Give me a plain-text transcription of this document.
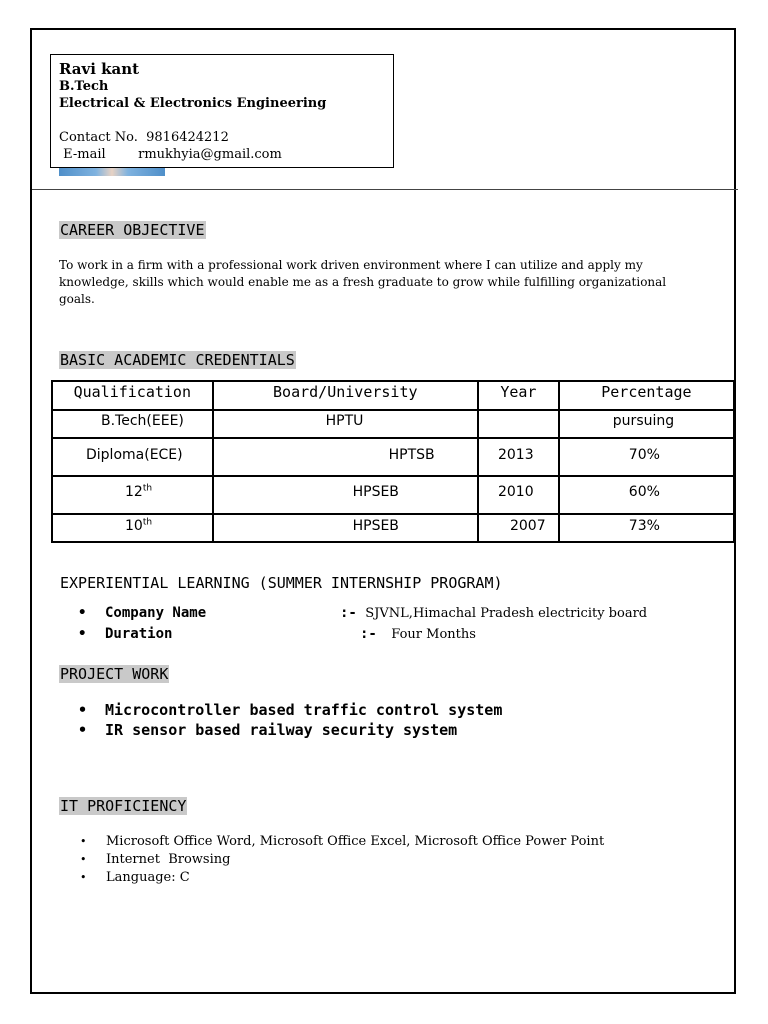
Ravi kant
B.Tech
Electrical & Electronics Engineering
Contact No. 9816424212
E-mail rmukhyia@gmail.com
CAREER OBJECTIVE
To work in a firm with a professional work driven environment where I can utilize and apply my knowledge, skills which would enable me as a fresh graduate to grow while fulfilling organizational goals.
BASIC ACADEMIC CREDENTIALS
Qualification	Board/University	Year	Percentage
B.Tech(EEE)	HPTU		pursuing
Diploma(ECE)	HPTSB	2013	70%
12th	HPSEB	2010	60%
10th	HPSEB	2007	73%
EXPERIENTIAL LEARNING (SUMMER INTERNSHIP PROGRAM)
• Company Name	:- SJVNL,Himachal Pradesh electricity board
• Duration	:- Four Months
PROJECT WORK
• Microcontroller based traffic control system
• IR sensor based railway security system
IT PROFICIENCY
• Microsoft Office Word, Microsoft Office Excel, Microsoft Office Power Point
• Internet  Browsing
• Language: C
